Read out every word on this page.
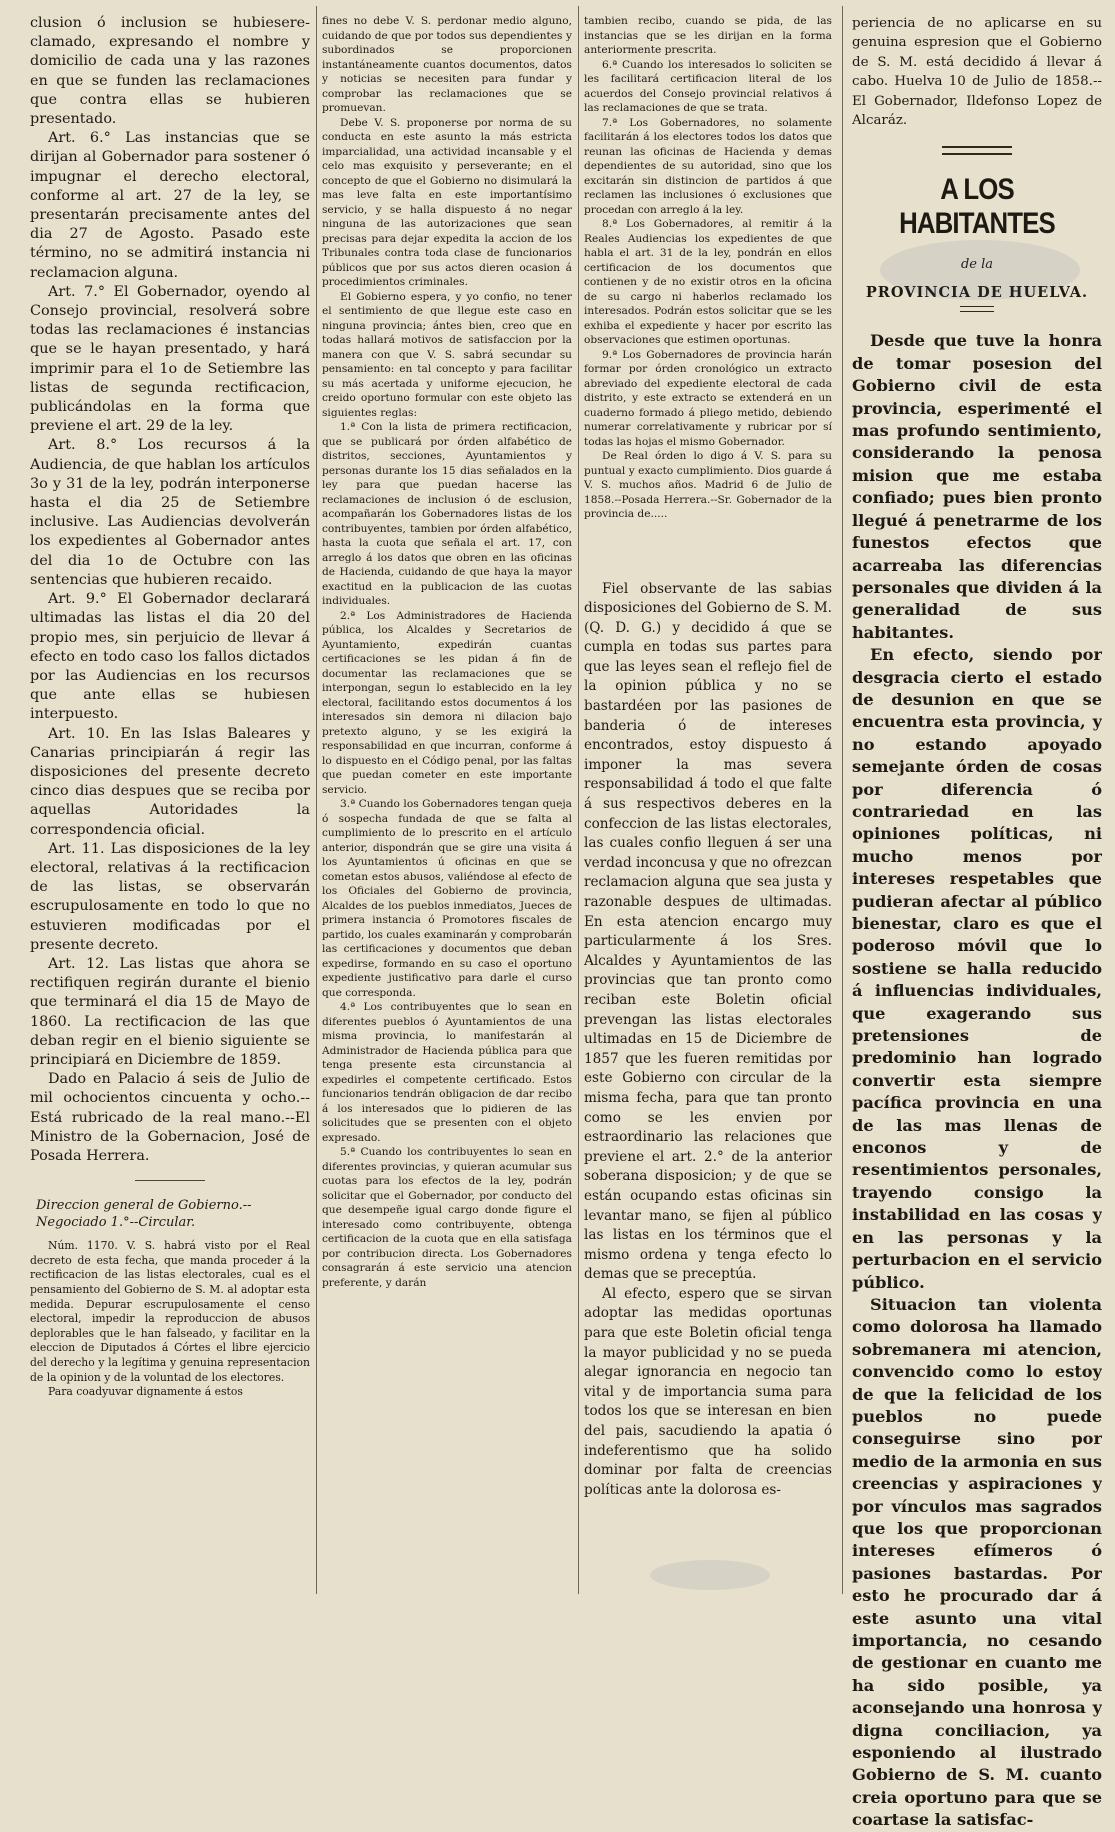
clusion ó inclusion se hubiesere- clamado, expresando el nombre y domicilio de cada una y las razones en que se funden las reclamaciones que contra ellas se hubieren presentado.

Art. 6.° Las instancias que se dirijan al Gobernador para sostener ó impugnar el derecho electoral, conforme al art. 27 de la ley, se presentarán precisamente antes del dia 27 de Agosto. Pasado este término, no se admitirá instancia ni reclamacion alguna.

Art. 7.° El Gobernador, oyendo al Consejo provincial, resolverá sobre todas las reclamaciones é instancias que se le hayan presentado, y hará imprimir para el 1o de Setiembre las listas de segunda rectificacion, publicándolas en la forma que previene el art. 29 de la ley.

Art. 8.° Los recursos á la Audiencia, de que hablan los artículos 3o y 31 de la ley, podrán interponerse hasta el dia 25 de Setiembre inclusive. Las Audiencias devolverán los expedientes al Gobernador antes del dia 1o de Octubre con las sentencias que hubieren recaido.

Art. 9.° El Gobernador declarará ultimadas las listas el dia 20 del propio mes, sin perjuicio de llevar á efecto en todo caso los fallos dictados por las Audiencias en los recursos que ante ellas se hubiesen interpuesto.

Art. 10. En las Islas Baleares y Canarias principiarán á regir las disposiciones del presente decreto cinco dias despues que se reciba por aquellas Autoridades la correspondencia oficial.

Art. 11. Las disposiciones de la ley electoral, relativas á la rectificacion de las listas, se observarán escrupulosamente en todo lo que no estuvieren modificadas por el presente decreto.

Art. 12. Las listas que ahora se rectifiquen regirán durante el bienio que terminará el dia 15 de Mayo de 1860. La rectificacion de las que deban regir en el bienio siguiente se principiará en Diciembre de 1859.

Dado en Palacio á seis de Julio de mil ochocientos cincuenta y ocho.--Está rubricado de la real mano.--El Ministro de la Gobernacion, José de Posada Herrera.

Direccion general de Gobierno.--Negociado 1.°--Circular.

Núm. 1170. V. S. habrá visto por el Real decreto de esta fecha, que manda proceder á la rectificacion de las listas electorales, cual es el pensamiento del Gobierno de S. M. al adoptar esta medida. Depurar escrupulosamente el censo electoral, impedir la reproduccion de abusos deplorables que le han falseado, y facilitar en la eleccion de Diputados á Córtes el libre ejercicio del derecho y la legítima y genuina representacion de la opinion y de la voluntad de los electores.

Para coadyuvar dignamente á estos

fines no debe V. S. perdonar medio alguno, cuidando de que por todos sus dependientes y subordinados se proporcionen instantáneamente cuantos documentos, datos y noticias se necesiten para fundar y comprobar las reclamaciones que se promuevan.

Debe V. S. proponerse por norma de su conducta en este asunto la más estricta imparcialidad, una actividad incansable y el celo mas exquisito y perseverante; en el concepto de que el Gobierno no disimulará la mas leve falta en este importantísimo servicio, y se halla dispuesto á no negar ninguna de las autorizaciones que sean precisas para dejar expedita la accion de los Tribunales contra toda clase de funcionarios públicos que por sus actos dieren ocasion á procedimientos criminales.

El Gobierno espera, y yo confio, no tener el sentimiento de que llegue este caso en ninguna provincia; ántes bien, creo que en todas hallará motivos de satisfaccion por la manera con que V. S. sabrá secundar su pensamiento: en tal concepto y para facilitar su más acertada y uniforme ejecucion, he creido oportuno formular con este objeto las siguientes reglas:

1.ª Con la lista de primera rectificacion, que se publicará por órden alfabético de distritos, secciones, Ayuntamientos y personas durante los 15 dias señalados en la ley para que puedan hacerse las reclamaciones de inclusion ó de esclusion, acompañarán los Gobernadores listas de los contribuyentes, tambien por órden alfabético, hasta la cuota que señala el art. 17, con arreglo á los datos que obren en las oficinas de Hacienda, cuidando de que haya la mayor exactitud en la publicacion de las cuotas individuales.

2.ª Los Administradores de Hacienda pública, los Alcaldes y Secretarios de Ayuntamiento, expedirán cuantas certificaciones se les pidan á fin de documentar las reclamaciones que se interpongan, segun lo establecido en la ley electoral, facilitando estos documentos á los interesados sin demora ni dilacion bajo pretexto alguno, y se les exigirá la responsabilidad en que incurran, conforme á lo dispuesto en el Código penal, por las faltas que puedan cometer en este importante servicio.

3.ª Cuando los Gobernadores tengan queja ó sospecha fundada de que se falta al cumplimiento de lo prescrito en el artículo anterior, dispondrán que se gire una visita á los Ayuntamientos ú oficinas en que se cometan estos abusos, valiéndose al efecto de los Oficiales del Gobierno de provincia, Alcaldes de los pueblos inmediatos, Jueces de primera instancia ó Promotores fiscales de partido, los cuales examinarán y comprobarán las certificaciones y documentos que deban expedirse, formando en su caso el oportuno expediente justificativo para darle el curso que corresponda.

4.ª Los contribuyentes que lo sean en diferentes pueblos ó Ayuntamientos de una misma provincia, lo manifestarán al Administrador de Hacienda pública para que tenga presente esta circunstancia al expedirles el competente certificado. Estos funcionarios tendrán obligacion de dar recibo á los interesados que lo pidieren de las solicitudes que se presenten con el objeto expresado.

5.ª Cuando los contribuyentes lo sean en diferentes provincias, y quieran acumular sus cuotas para los efectos de la ley, podrán solicitar que el Gobernador, por conducto del que desempeñe igual cargo donde figure el interesado como contribuyente, obtenga certificacion de la cuota que en ella satisfaga por contribucion directa. Los Gobernadores consagrarán á este servicio una atencion preferente, y darán

tambien recibo, cuando se pida, de las instancias que se les dirijan en la forma anteriormente prescrita.

6.ª Cuando los interesados lo soliciten se les facilitará certificacion literal de los acuerdos del Consejo provincial relativos á las reclamaciones de que se trata.

7.ª Los Gobernadores, no solamente facilitarán á los electores todos los datos que reunan las oficinas de Hacienda y demas dependientes de su autoridad, sino que los excitarán sin distincion de partidos á que reclamen las inclusiones ó exclusiones que procedan con arreglo á la ley.

8.ª Los Gobernadores, al remitir á la Reales Audiencias los expedientes de que habla el art. 31 de la ley, pondrán en ellos certificacion de los documentos que contienen y de no existir otros en la oficina de su cargo ni haberlos reclamado los interesados. Podrán estos solicitar que se les exhiba el expediente y hacer por escrito las observaciones que estimen oportunas.

9.ª Los Gobernadores de provincia harán formar por órden cronológico un extracto abreviado del expediente electoral de cada distrito, y este extracto se extenderá en un cuaderno formado á pliego metido, debiendo numerar correlativamente y rubricar por sí todas las hojas el mismo Gobernador.

De Real órden lo digo á V. S. para su puntual y exacto cumplimiento. Dios guarde á V. S. muchos años. Madrid 6 de Julio de 1858.--Posada Herrera.--Sr. Gobernador de la provincia de.....

Fiel observante de las sabias disposiciones del Gobierno de S. M. (Q. D. G.) y decidido á que se cumpla en todas sus partes para que las leyes sean el reflejo fiel de la opinion pública y no se bastardéen por las pasiones de banderia ó de intereses encontrados, estoy dispuesto á imponer la mas severa responsabilidad á todo el que falte á sus respectivos deberes en la confeccion de las listas electorales, las cuales confio lleguen á ser una verdad inconcusa y que no ofrezcan reclamacion alguna que sea justa y razonable despues de ultimadas. En esta atencion encargo muy particularmente á los Sres. Alcaldes y Ayuntamientos de las provincias que tan pronto como reciban este Boletin oficial prevengan las listas electorales ultimadas en 15 de Diciembre de 1857 que les fueren remitidas por este Gobierno con circular de la misma fecha, para que tan pronto como se les envien por estraordinario las relaciones que previene el art. 2.° de la anterior soberana disposicion; y de que se están ocupando estas oficinas sin levantar mano, se fijen al público las listas en los términos que el mismo ordena y tenga efecto lo demas que se preceptúa.

Al efecto, espero que se sirvan adoptar las medidas oportunas para que este Boletin oficial tenga la mayor publicidad y no se pueda alegar ignorancia en negocio tan vital y de importancia suma para todos los que se interesan en bien del pais, sacudiendo la apatia ó indeferentismo que ha solido dominar por falta de creencias políticas ante la dolorosa es-

periencia de no aplicarse en su genuina espresion que el Gobierno de S. M. está decidido á llevar á cabo. Huelva 10 de Julio de 1858.--El Gobernador, Ildefonso Lopez de Alcaráz.

A LOS HABITANTES
de la
PROVINCIA DE HUELVA.

Desde que tuve la honra de tomar posesion del Gobierno civil de esta provincia, esperimenté el mas profundo sentimiento, considerando la penosa mision que me estaba confiado; pues bien pronto llegué á penetrarme de los funestos efectos que acarreaba las diferencias personales que dividen á la generalidad de sus habitantes.

En efecto, siendo por desgracia cierto el estado de desunion en que se encuentra esta provincia, y no estando apoyado semejante órden de cosas por diferencia ó contrariedad en las opiniones políticas, ni mucho menos por intereses respetables que pudieran afectar al público bienestar, claro es que el poderoso móvil que lo sostiene se halla reducido á influencias individuales, que exagerando sus pretensiones de predominio han logrado convertir esta siempre pacífica provincia en una de las mas llenas de enconos y de resentimientos personales, trayendo consigo la instabilidad en las cosas y en las personas y la perturbacion en el servicio público.

Situacion tan violenta como dolorosa ha llamado sobremanera mi atencion, convencido como lo estoy de que la felicidad de los pueblos no puede conseguirse sino por medio de la armonia en sus creencias y aspiraciones y por vínculos mas sagrados que los que proporcionan intereses efímeros ó pasiones bastardas. Por esto he procurado dar á este asunto una vital importancia, no cesando de gestionar en cuanto me ha sido posible, ya aconsejando una honrosa y digna conciliacion, ya esponiendo al ilustrado Gobierno de S. M. cuanto creia oportuno para que se coartase la satisfac-
